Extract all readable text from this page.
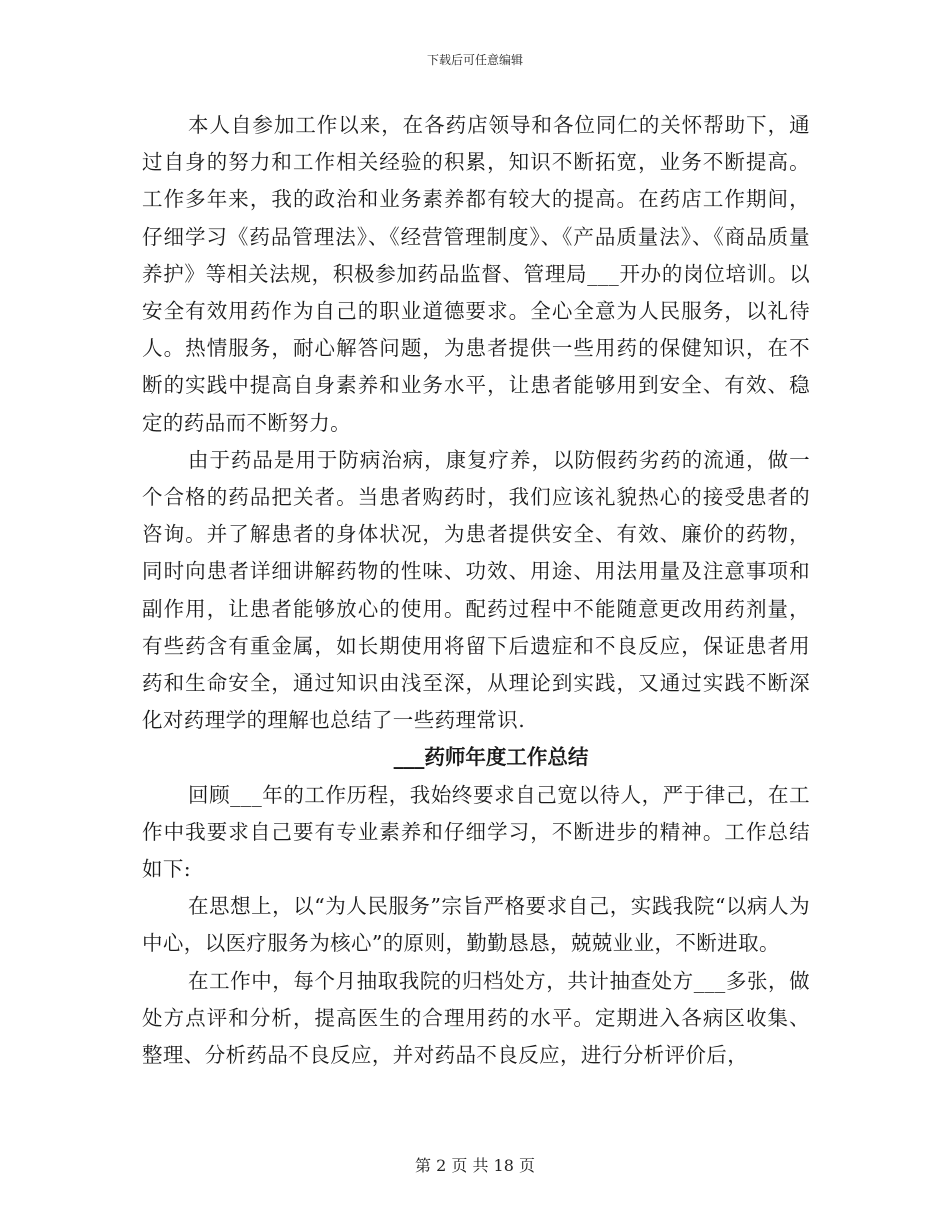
下载后可任意编辑

本人自参加工作以来，在各药店领导和各位同仁的关怀帮助下，通过自身的努力和工作相关经验的积累，知识不断拓宽，业务不断提高。工作多年来，我的政治和业务素养都有较大的提高。在药店工作期间，仔细学习《药品管理法》、《经营管理制度》、《产品质量法》、《商品质量养护》等相关法规，积极参加药品监督、管理局___开办的岗位培训。以安全有效用药作为自己的职业道德要求。全心全意为人民服务，以礼待人。热情服务，耐心解答问题，为患者提供一些用药的保健知识，在不断的实践中提高自身素养和业务水平，让患者能够用到安全、有效、稳定的药品而不断努力。

由于药品是用于防病治病，康复疗养，以防假药劣药的流通，做一个合格的药品把关者。当患者购药时，我们应该礼貌热心的接受患者的咨询。并了解患者的身体状况，为患者提供安全、有效、廉价的药物，同时向患者详细讲解药物的性味、功效、用途、用法用量及注意事项和副作用，让患者能够放心的使用。配药过程中不能随意更改用药剂量，有些药含有重金属，如长期使用将留下后遗症和不良反应，保证患者用药和生命安全，通过知识由浅至深，从理论到实践，又通过实践不断深化对药理学的理解也总结了一些药理常识.

___药师年度工作总结

回顾___年的工作历程，我始终要求自己宽以待人，严于律己，在工作中我要求自己要有专业素养和仔细学习，不断进步的精神。工作总结如下:

在思想上，以“为人民服务”宗旨严格要求自己，实践我院“以病人为中心，以医疗服务为核心”的原则，勤勤恳恳，兢兢业业，不断进取。

在工作中，每个月抽取我院的归档处方，共计抽查处方___多张，做处方点评和分析，提高医生的合理用药的水平。定期进入各病区收集、整理、分析药品不良反应，并对药品不良反应，进行分析评价后，

第 2 页 共 18 页
